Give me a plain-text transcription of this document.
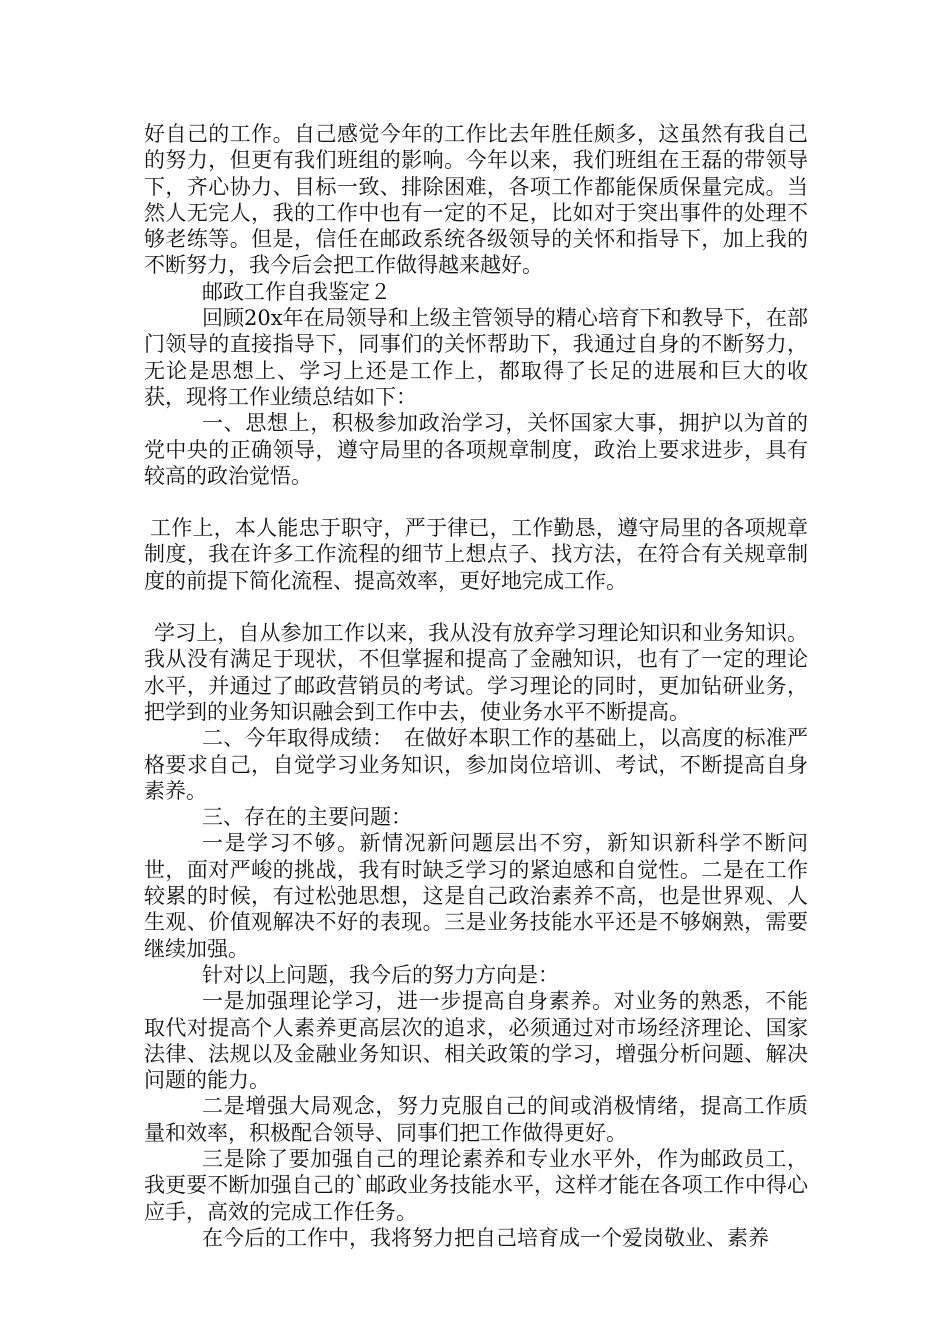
好自己的工作。自己感觉今年的工作比去年胜任颇多，这虽然有我自己的努力，但更有我们班组的影响。今年以来，我们班组在王磊的带领导下，齐心协力、目标一致、排除困难，各项工作都能保质保量完成。当然人无完人，我的工作中也有一定的不足，比如对于突出事件的处理不够老练等。但是，信任在邮政系统各级领导的关怀和指导下，加上我的不断努力，我今后会把工作做得越来越好。

邮政工作自我鉴定２

回顾20x年在局领导和上级主管领导的精心培育下和教导下，在部门领导的直接指导下，同事们的关怀帮助下，我通过自身的不断努力，无论是思想上、学习上还是工作上，都取得了长足的进展和巨大的收获，现将工作业绩总结如下：

一、思想上，积极参加政治学习，关怀国家大事，拥护以为首的党中央的正确领导，遵守局里的各项规章制度，政治上要求进步，具有较高的政治觉悟。

工作上，本人能忠于职守，严于律已，工作勤恳，遵守局里的各项规章制度，我在许多工作流程的细节上想点子、找方法，在符合有关规章制度的前提下简化流程、提高效率，更好地完成工作。

学习上，自从参加工作以来，我从没有放弃学习理论知识和业务知识。我从没有满足于现状，不但掌握和提高了金融知识，也有了一定的理论水平，并通过了邮政营销员的考试。学习理论的同时，更加钻研业务，把学到的业务知识融会到工作中去，使业务水平不断提高。

二、今年取得成绩：　在做好本职工作的基础上，以高度的标准严格要求自己，自觉学习业务知识，参加岗位培训、考试，不断提高自身素养。

三、存在的主要问题：

一是学习不够。新情况新问题层出不穷，新知识新科学不断问世，面对严峻的挑战，我有时缺乏学习的紧迫感和自觉性。二是在工作较累的时候，有过松弛思想，这是自己政治素养不高，也是世界观、人生观、价值观解决不好的表现。三是业务技能水平还是不够娴熟，需要继续加强。

针对以上问题，我今后的努力方向是：

一是加强理论学习，进一步提高自身素养。对业务的熟悉，不能取代对提高个人素养更高层次的追求，必须通过对市场经济理论、国家法律、法规以及金融业务知识、相关政策的学习，增强分析问题、解决问题的能力。

二是增强大局观念，努力克服自己的间或消极情绪，提高工作质量和效率，积极配合领导、同事们把工作做得更好。

三是除了要加强自己的理论素养和专业水平外，作为邮政员工，我更要不断加强自己的`邮政业务技能水平，这样才能在各项工作中得心应手，高效的完成工作任务。

在今后的工作中，我将努力把自己培育成一个爱岗敬业、素养
